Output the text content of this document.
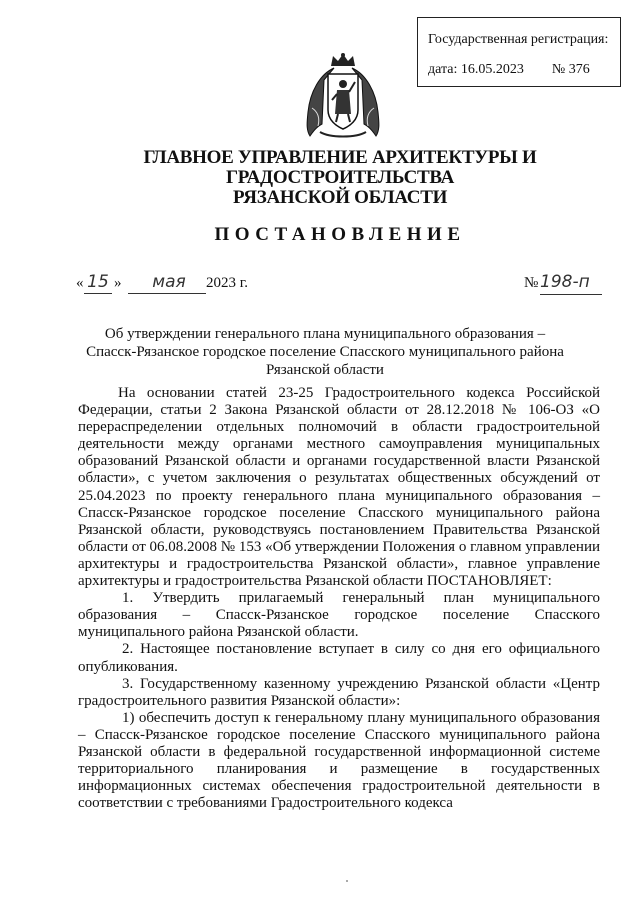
Государственная регистрация:
дата: 16.05.2023 № 376
ГЛАВНОЕ УПРАВЛЕНИЕ АРХИТЕКТУРЫ И ГРАДОСТРОИТЕЛЬСТВА
РЯЗАНСКОЙ ОБЛАСТИ
ПОСТАНОВЛЕНИЕ
« 15 »	мая	2023 г.	№ 198-п
Об утверждении генерального плана муниципального образования –
Спасск-Рязанское городское поселение Спасского муниципального района
Рязанской области

На основании статей 23-25 Градостроительного кодекса Российской Федерации, статьи 2 Закона Рязанской области от 28.12.2018 № 106-ОЗ «О перераспределении отдельных полномочий в области градостроительной деятельности между органами местного самоуправления муниципальных образований Рязанской области и органами государственной власти Рязанской области», с учетом заключения о результатах общественных обсуждений от 25.04.2023 по проекту генерального плана муниципального образования – Спасск-Рязанское городское поселение Спасского муниципального района Рязанской области, руководствуясь постановлением Правительства Рязанской области от 06.08.2008 № 153 «Об утверждении Положения о главном управлении архитектуры и градостроительства Рязанской области», главное управление архитектуры и градостроительства Рязанской области ПОСТАНОВЛЯЕТ:

1. Утвердить прилагаемый генеральный план муниципального образования – Спасск-Рязанское городское поселение Спасского муниципального района Рязанской области.

2. Настоящее постановление вступает в силу со дня его официального опубликования.

3. Государственному казенному учреждению Рязанской области «Центр градостроительного развития Рязанской области»:

1) обеспечить доступ к генеральному плану муниципального образования – Спасск-Рязанское городское поселение Спасского муниципального района Рязанской области в федеральной государственной информационной системе территориального планирования и размещение в государственных информационных системах обеспечения градостроительной деятельности в соответствии с требованиями Градостроительного кодекса
